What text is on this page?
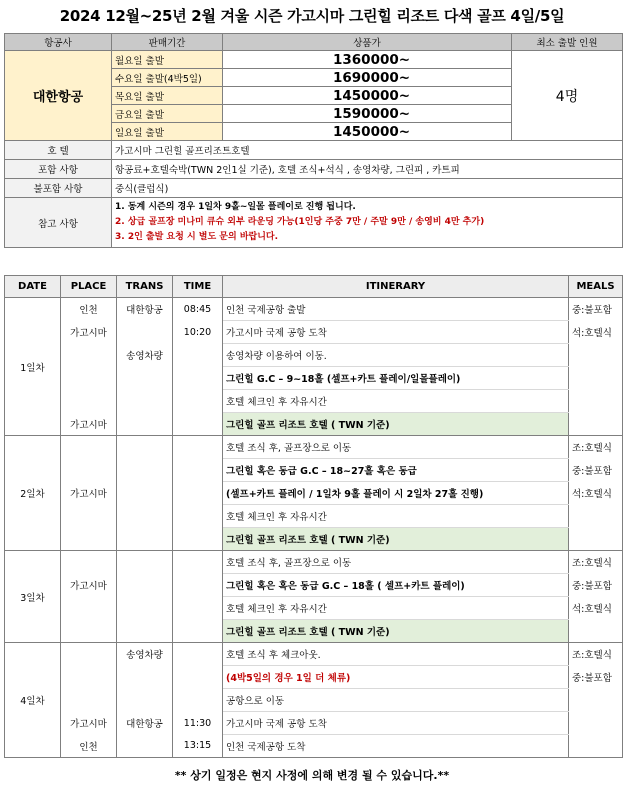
2024 12월~25년 2월 겨울 시즌 가고시마 그린힐 리조트 다색 골프 4일/5일
항공사	판매기간	상품가	최소 출발 인원
대한항공	월요일 출발	1360000~	4명
	수요일 출발(4박5일)	1690000~	
	목요일 출발	1450000~	
	금요일 출발	1590000~	
	일요일 출발	1450000~	
호 텔	가고시마 그린힐 골프리조트호텔		
포함 사항	항공료+호텔숙박(TWN 2인1실 기준), 호텔 조식+석식 , 송영차량, 그린피 , 카트피		
불포함 사항	중식(클럽식)		
참고 사항	1. 동계 시즌의 경우 1일차 9홀~일몰 플레이로 진행 됩니다.
2. 상급 골프장 미나미 큐슈 외부 라운딩 가능(1인당 주중 7만 / 주말 9만 / 송영비 4만 추가)
3. 2인 출발 요청 시 별도 문의 바랍니다.		
DATE	PLACE	TRANS	TIME	ITINERARY	MEALS
1일차	인천	대한항공	08:45	인천 국제공항 출발	중:불포함
	가고시마		10:20	가고시마 국제 공항 도착	석:호텔식
		송영차량		송영차량 이용하여 이동.	
				그린힐 G.C – 9~18홀 (셀프+카트 플레이/일몰플레이)	
				호텔 체크인 후 자유시간	
	가고시마			그린힐 골프 리조트 호텔 ( TWN 기준)	
2일차				호텔 조식 후, 골프장으로 이동	조:호텔식
				그린힐 혹은 동급 G.C – 18~27홀 혹은 동급	중:불포함
	가고시마			(셀프+카트 플레이 / 1일차 9홀 플레이 시 2일차 27홀 진행)	석:호텔식
				호텔 체크인 후 자유시간	
				그린힐 골프 리조트 호텔 ( TWN 기준)	
3일차				호텔 조식 후, 골프장으로 이동	조:호텔식
	가고시마			그린힐 혹은 혹은 동급 G.C – 18홀 ( 셀프+카트 플레이)	중:불포함
				호텔 체크인 후 자유시간	석:호텔식
				그린힐 골프 리조트 호텔 ( TWN 기준)	
4일차		송영차량		호텔 조식 후 체크아웃.	조:호텔식
				(4박5일의 경우 1일 더 체류)	중:불포함
				공항으로 이동	
	가고시마	대한항공	11:30	가고시마 국제 공항 도착	
	인천		13:15	인천 국제공항 도착	
** 상기 일정은 현지 사정에 의해 변경 될 수 있습니다.**
